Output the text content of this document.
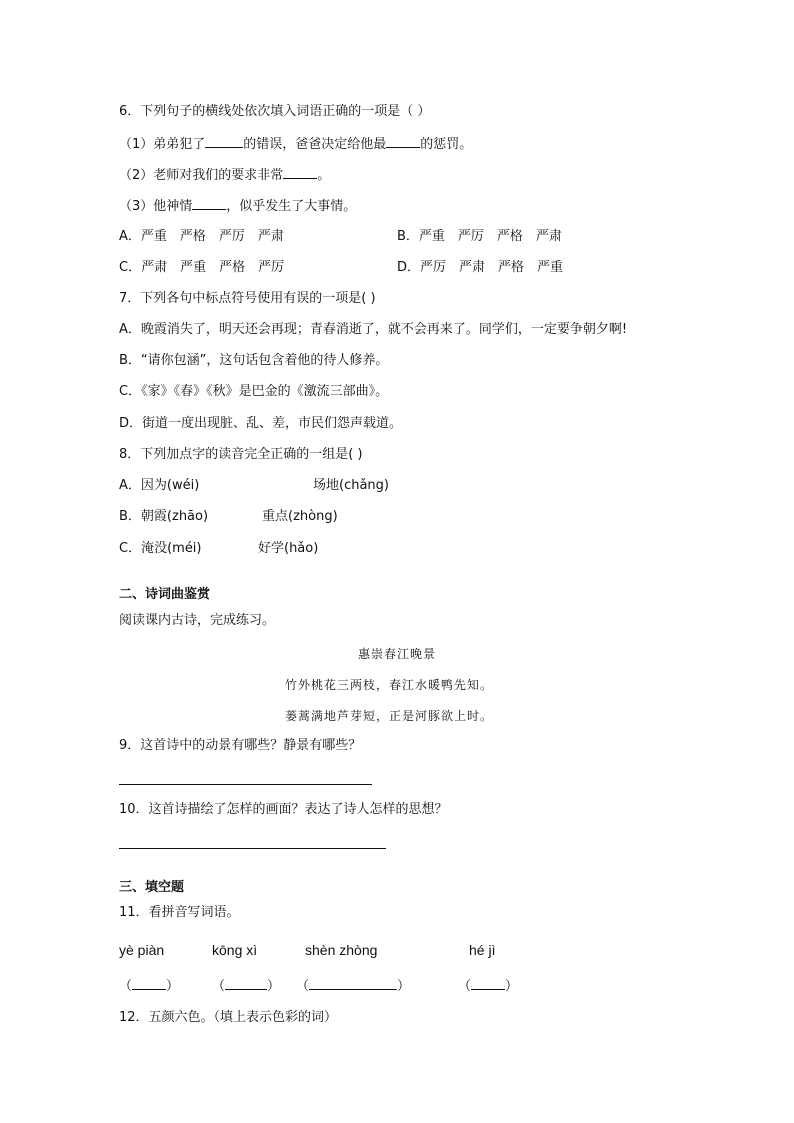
6．下列句子的横线处依次填入词语正确的一项是（ ）
（1）弟弟犯了	的错误，爸爸决定给他最	的惩罚。
（2）老师对我们的要求非常	。
（3）他神情	，似乎发生了大事情。
A．严重　严格　严厉　严肃	B．严重　严厉　严格　严肃
C．严肃　严重　严格　严厉	D．严厉　严肃　严格　严重
7．下列各句中标点符号使用有误的一项是( )
A．晚霞消失了，明天还会再现；青春消逝了，就不会再来了。同学们，一定要争朝夕啊!
B．“请你包涵”，这句话包含着他的待人修养。
C．《家》《春》《秋》是巴金的《激流三部曲》。
D．街道一度出现脏、乱、差，市民们怨声载道。
8．下列加点字的读音完全正确的一组是( )
A．因为(wéi)	场地(chǎng)
B．朝霞(zhāo)	重点(zhòng)
C．淹没(méi)	好学(hǎo)
二、诗词曲鉴赏
阅读课内古诗，完成练习。
惠崇春江晚景
竹外桃花三两枝，春江水暖鸭先知。
蒌蒿满地芦芽短，正是河豚欲上时。
9．这首诗中的动景有哪些？静景有哪些？
10．这首诗描绘了怎样的画面？表达了诗人怎样的思想？
三、填空题
11．看拼音写词语。
yè piàn	kōng xì	shèn zhòng	hé jì
（	）	（	） （	）	（	）
12．五颜六色。（填上表示色彩的词）
